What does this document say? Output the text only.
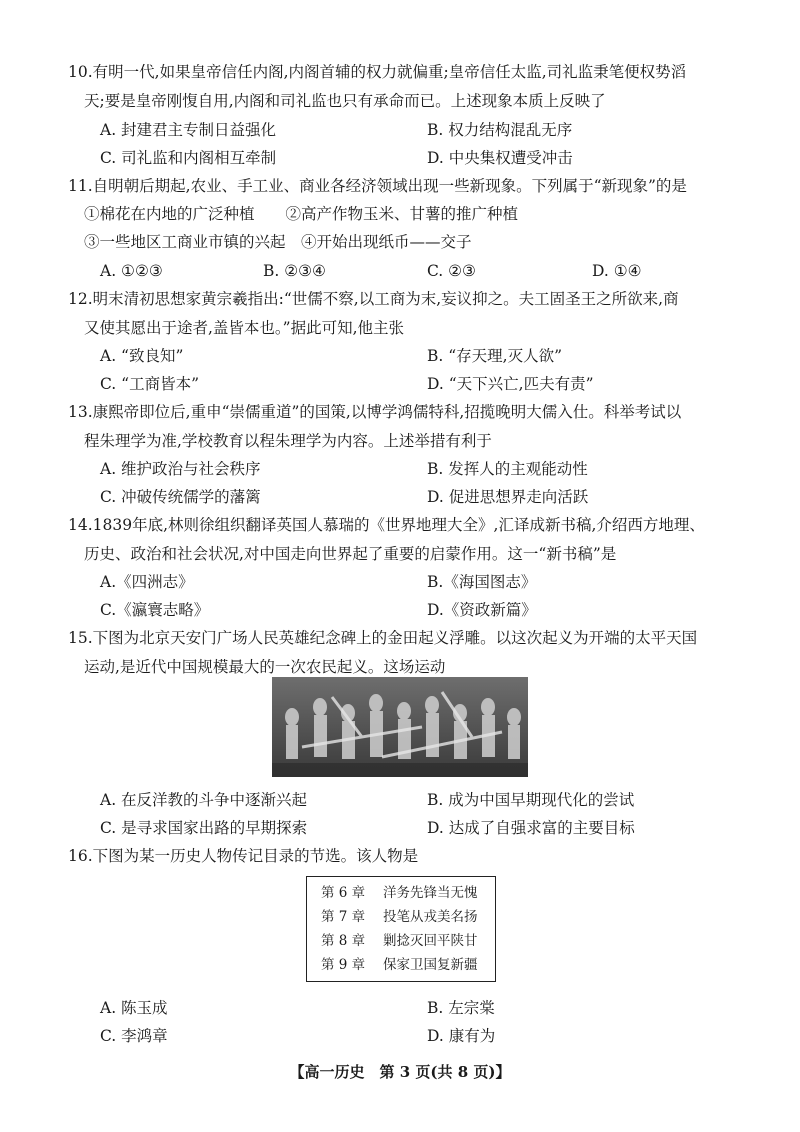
10.有明一代,如果皇帝信任内阁,内阁首辅的权力就偏重;皇帝信任太监,司礼监秉笔便权势滔
天;要是皇帝刚愎自用,内阁和司礼监也只有承命而已。上述现象本质上反映了
A. 封建君主专制日益强化	B. 权力结构混乱无序
C. 司礼监和内阁相互牵制	D. 中央集权遭受冲击
11.自明朝后期起,农业、手工业、商业各经济领域出现一些新现象。下列属于“新现象”的是
①棉花在内地的广泛种植　　②高产作物玉米、甘薯的推广种植
③一些地区工商业市镇的兴起　④开始出现纸币——交子
A. ①②③	B. ②③④	C. ②③	D. ①④
12.明末清初思想家黄宗羲指出:“世儒不察,以工商为末,妄议抑之。夫工固圣王之所欲来,商
又使其愿出于途者,盖皆本也。”据此可知,他主张
A. “致良知”	B. “存天理,灭人欲”
C. “工商皆本”	D. “天下兴亡,匹夫有责”
13.康熙帝即位后,重申“崇儒重道”的国策,以博学鸿儒特科,招揽晚明大儒入仕。科举考试以
程朱理学为准,学校教育以程朱理学为内容。上述举措有利于
A. 维护政治与社会秩序	B. 发挥人的主观能动性
C. 冲破传统儒学的藩篱	D. 促进思想界走向活跃
14.1839年底,林则徐组织翻译英国人慕瑞的《世界地理大全》,汇译成新书稿,介绍西方地理、
历史、政治和社会状况,对中国走向世界起了重要的启蒙作用。这一“新书稿”是
A.《四洲志》	B.《海国图志》
C.《瀛寰志略》	D.《资政新篇》
15.下图为北京天安门广场人民英雄纪念碑上的金田起义浮雕。以这次起义为开端的太平天国
运动,是近代中国规模最大的一次农民起义。这场运动
A. 在反洋教的斗争中逐渐兴起	B. 成为中国早期现代化的尝试
C. 是寻求国家出路的早期探索	D. 达成了自强求富的主要目标
16.下图为某一历史人物传记目录的节选。该人物是
第 6 章 洋务先锋当无愧
第 7 章 投笔从戎美名扬
第 8 章 剿捻灭回平陕甘
第 9 章 保家卫国复新疆
A. 陈玉成	B. 左宗棠
C. 李鸿章	D. 康有为
【高一历史　第 3 页(共 8 页)】
